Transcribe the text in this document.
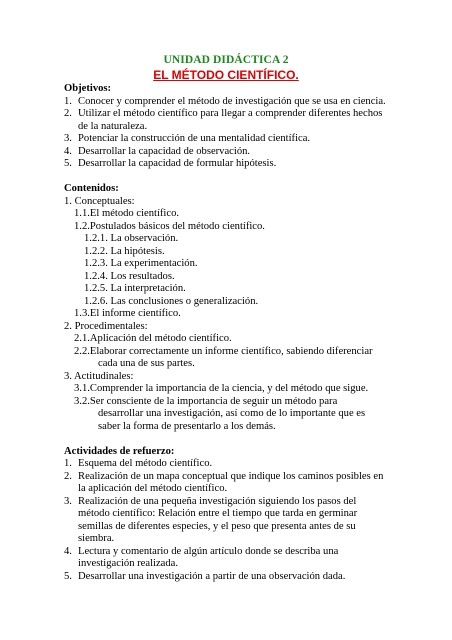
UNIDAD DIDÁCTICA 2
EL MÉTODO CIENTÍFICO.
Objetivos:
1. Conocer y comprender el método de investigación que se usa en ciencia.
2. Utilizar el método científico para llegar a comprender diferentes hechos
de la naturaleza.
3. Potenciar la construcción de una mentalidad científica.
4. Desarrollar la capacidad de observación.
5. Desarrollar la capacidad de formular hipótesis.
Contenidos:
1. Conceptuales:
1.1.El método científico.
1.2.Postulados básicos del método científico.
1.2.1. La observación.
1.2.2. La hipótesis.
1.2.3. La experimentación.
1.2.4. Los resultados.
1.2.5. La interpretación.
1.2.6. Las conclusiones o generalización.
1.3.El informe científico.
2. Procedimentales:
2.1.Aplicación del método científico.
2.2.Elaborar correctamente un informe científico, sabiendo diferenciar
cada una de sus partes.
3. Actitudinales:
3.1.Comprender la importancia de la ciencia, y del método que sigue.
3.2.Ser consciente de la importancia de seguir un método para
desarrollar una investigación, así como de lo importante que es
saber la forma de presentarlo a los demás.
Actividades de refuerzo:
1. Esquema del método científico.
2. Realización de un mapa conceptual que indique los caminos posibles en
la aplicación del método científico.
3. Realización de una pequeña investigación siguiendo los pasos del
método científico: Relación entre el tiempo que tarda en germinar
semillas de diferentes especies, y el peso que presenta antes de su
siembra.
4. Lectura y comentario de algún artículo donde se describa una
investigación realizada.
5. Desarrollar una investigación a partir de una observación dada.
